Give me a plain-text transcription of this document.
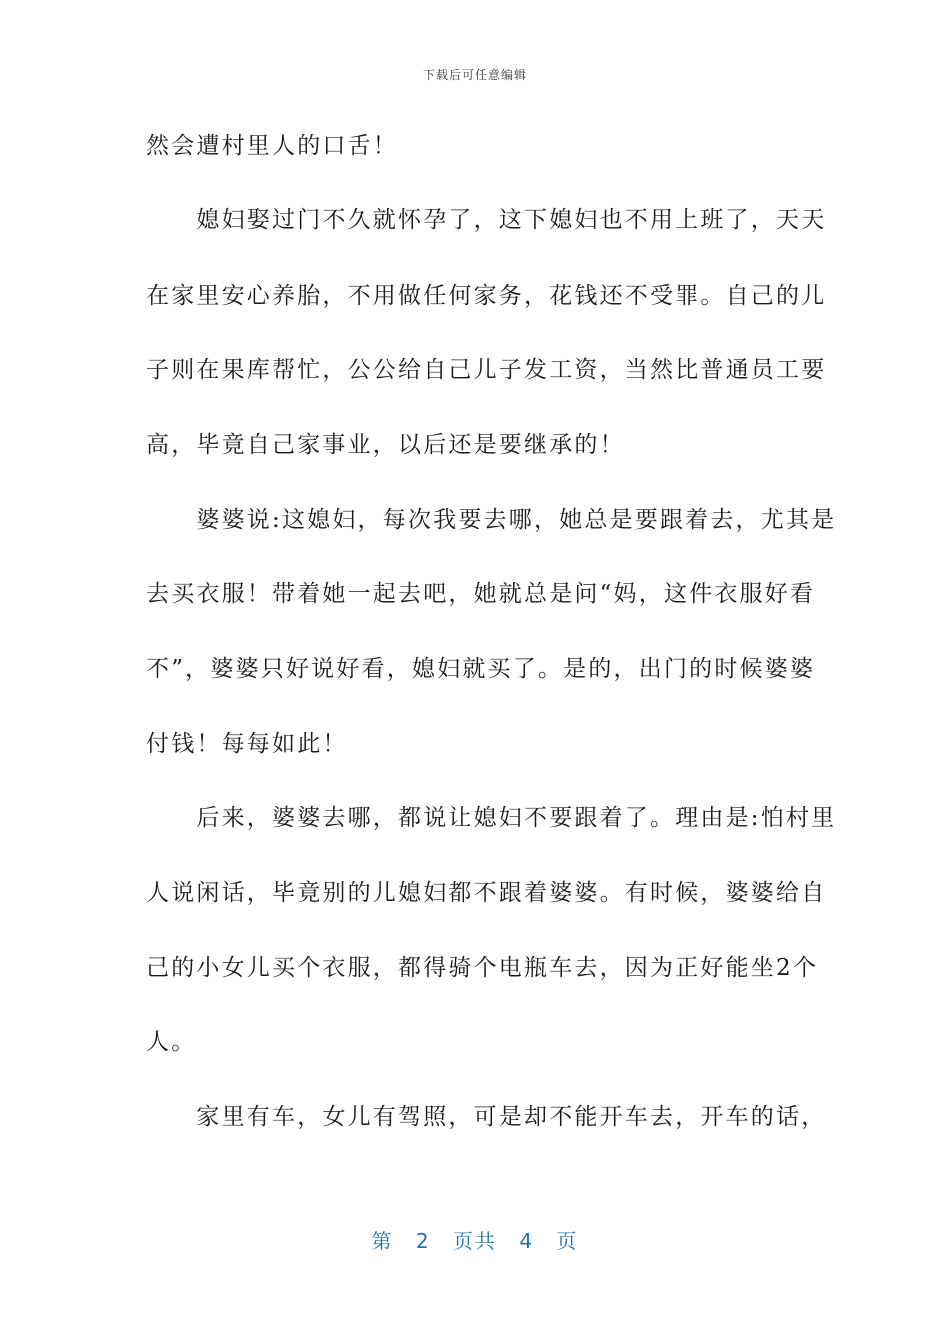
下载后可任意编辑
然会遭村里人的口舌！
　　媳妇娶过门不久就怀孕了，这下媳妇也不用上班了，天天
在家里安心养胎，不用做任何家务，花钱还不受罪。自己的儿
子则在果库帮忙，公公给自己儿子发工资，当然比普通员工要
高，毕竟自己家事业，以后还是要继承的！
　　婆婆说:这媳妇，每次我要去哪，她总是要跟着去，尤其是
去买衣服！带着她一起去吧，她就总是问“妈，这件衣服好看
不”，婆婆只好说好看，媳妇就买了。是的，出门的时候婆婆
付钱！每每如此！
　　后来，婆婆去哪，都说让媳妇不要跟着了。理由是:怕村里
人说闲话，毕竟别的儿媳妇都不跟着婆婆。有时候，婆婆给自
己的小女儿买个衣服，都得骑个电瓶车去，因为正好能坐2个
人。
　　家里有车，女儿有驾照，可是却不能开车去，开车的话，
第 2 页共 4 页
